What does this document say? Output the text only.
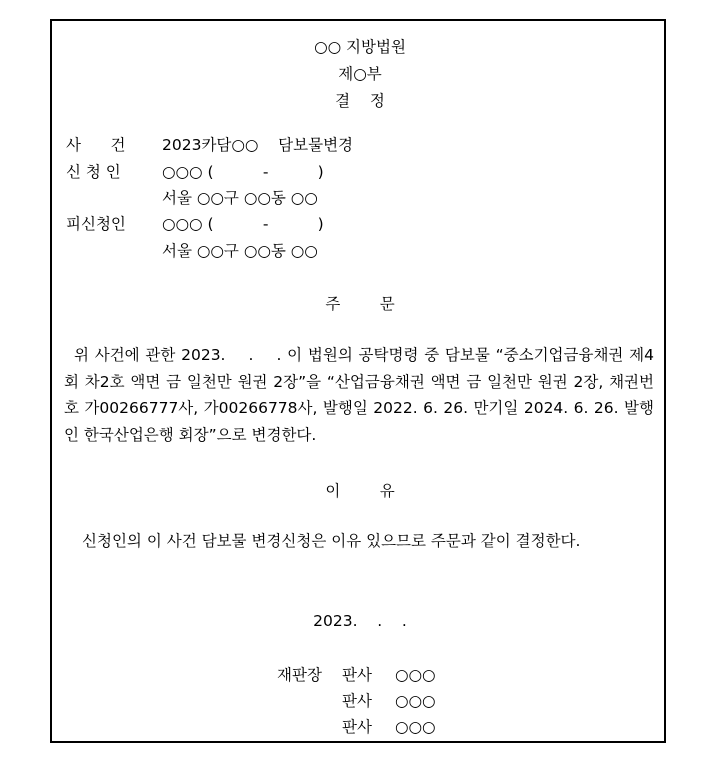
○○ 지방법원
제○부
결    정
사      건 2023카담○○    담보물변경
신 청 인	○○○ (          -          )
서울 ○○구 ○○동 ○○
피신청인 ○○○ (          -          )
서울 ○○구 ○○동 ○○
주        문
위 사건에 관한 2023.    .    . 이 법원의 공탁명령 중 담보물 “중소기업금융채권 제4회 차2호 액면 금 일천만 원권 2장”을 “산업금융채권 액면 금 일천만 원권 2장, 채권번호 가00266777사, 가00266778사, 발행일 2022. 6. 26. 만기일 2024. 6. 26. 발행인 한국산업은행 회장”으로 변경한다.
이        유
신청인의 이 사건 담보물 변경신청은 이유 있으므로 주문과 같이 결정한다.
2023.    .    .
재판장 판사 ○○○
판사 ○○○
판사 ○○○
